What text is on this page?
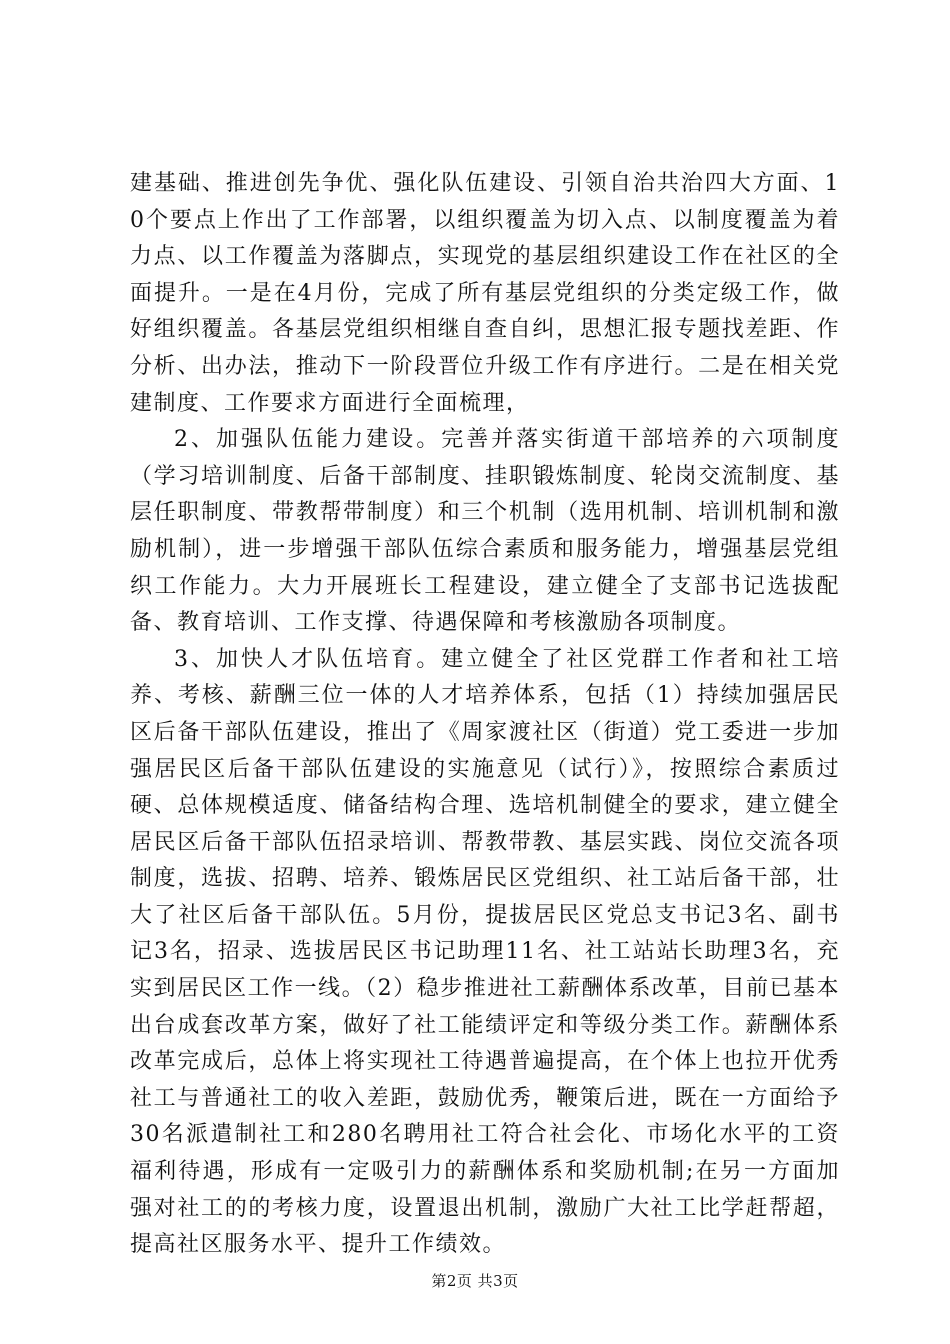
建基础、推进创先争优、强化队伍建设、引领自治共治四大方面、10个要点上作出了工作部署，以组织覆盖为切入点、以制度覆盖为着力点、以工作覆盖为落脚点，实现党的基层组织建设工作在社区的全面提升。一是在4月份，完成了所有基层党组织的分类定级工作，做好组织覆盖。各基层党组织相继自查自纠，思想汇报专题找差距、作分析、出办法，推动下一阶段晋位升级工作有序进行。二是在相关党建制度、工作要求方面进行全面梳理，

2、加强队伍能力建设。完善并落实街道干部培养的六项制度（学习培训制度、后备干部制度、挂职锻炼制度、轮岗交流制度、基层任职制度、带教帮带制度）和三个机制（选用机制、培训机制和激励机制），进一步增强干部队伍综合素质和服务能力，增强基层党组织工作能力。大力开展班长工程建设，建立健全了支部书记选拔配备、教育培训、工作支撑、待遇保障和考核激励各项制度。

3、加快人才队伍培育。建立健全了社区党群工作者和社工培养、考核、薪酬三位一体的人才培养体系，包括（1）持续加强居民区后备干部队伍建设，推出了《周家渡社区（街道）党工委进一步加强居民区后备干部队伍建设的实施意见（试行）》，按照综合素质过硬、总体规模适度、储备结构合理、选培机制健全的要求，建立健全居民区后备干部队伍招录培训、帮教带教、基层实践、岗位交流各项制度，选拔、招聘、培养、锻炼居民区党组织、社工站后备干部，壮大了社区后备干部队伍。5月份，提拔居民区党总支书记3名、副书记3名，招录、选拔居民区书记助理11名、社工站站长助理3名，充实到居民区工作一线。（2）稳步推进社工薪酬体系改革，目前已基本出台成套改革方案，做好了社工能绩评定和等级分类工作。薪酬体系改革完成后，总体上将实现社工待遇普遍提高，在个体上也拉开优秀社工与普通社工的收入差距，鼓励优秀，鞭策后进，既在一方面给予30名派遣制社工和280名聘用社工符合社会化、市场化水平的工资福利待遇，形成有一定吸引力的薪酬体系和奖励机制;在另一方面加强对社工的的考核力度，设置退出机制，激励广大社工比学赶帮超，提高社区服务水平、提升工作绩效。

第2页 共3页
